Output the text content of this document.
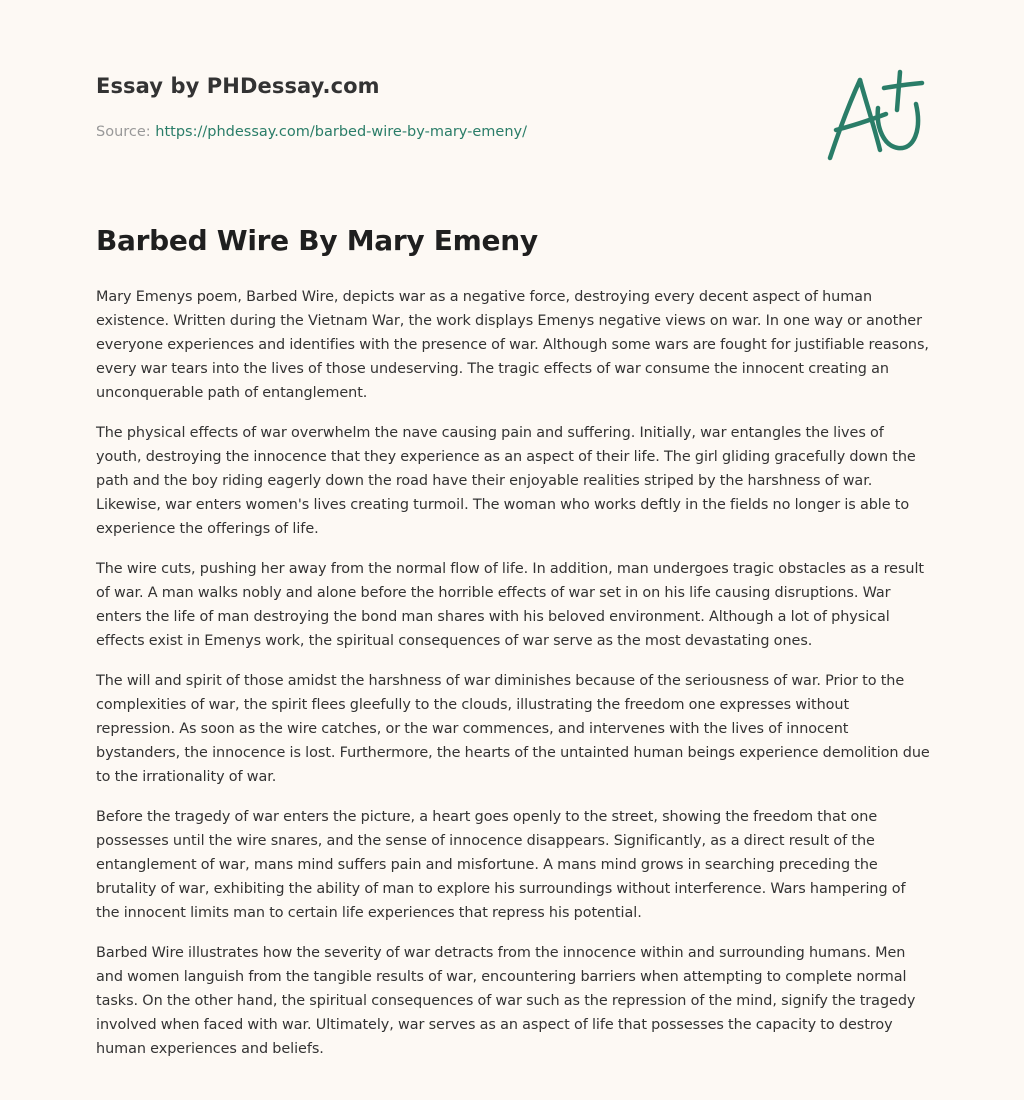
Essay by PHDessay.com
Source: https://phdessay.com/barbed-wire-by-mary-emeny/
Barbed Wire By Mary Emeny

Mary Emenys poem, Barbed Wire, depicts war as a negative force, destroying every decent aspect of human existence. Written during the Vietnam War, the work displays Emenys negative views on war. In one way or another everyone experiences and identifies with the presence of war. Although some wars are fought for justifiable reasons, every war tears into the lives of those undeserving. The tragic effects of war consume the innocent creating an unconquerable path of entanglement.

The physical effects of war overwhelm the nave causing pain and suffering. Initially, war entangles the lives of youth, destroying the innocence that they experience as an aspect of their life. The girl gliding gracefully down the path and the boy riding eagerly down the road have their enjoyable realities striped by the harshness of war. Likewise, war enters women's lives creating turmoil. The woman who works deftly in the fields no longer is able to experience the offerings of life.

The wire cuts, pushing her away from the normal flow of life. In addition, man undergoes tragic obstacles as a result of war. A man walks nobly and alone before the horrible effects of war set in on his life causing disruptions. War enters the life of man destroying the bond man shares with his beloved environment. Although a lot of physical effects exist in Emenys work, the spiritual consequences of war serve as the most devastating ones.

The will and spirit of those amidst the harshness of war diminishes because of the seriousness of war. Prior to the complexities of war, the spirit flees gleefully to the clouds, illustrating the freedom one expresses without repression. As soon as the wire catches, or the war commences, and intervenes with the lives of innocent bystanders, the innocence is lost. Furthermore, the hearts of the untainted human beings experience demolition due to the irrationality of war.

Before the tragedy of war enters the picture, a heart goes openly to the street, showing the freedom that one possesses until the wire snares, and the sense of innocence disappears. Significantly, as a direct result of the entanglement of war, mans mind suffers pain and misfortune. A mans mind grows in searching preceding the brutality of war, exhibiting the ability of man to explore his surroundings without interference. Wars hampering of the innocent limits man to certain life experiences that repress his potential.

Barbed Wire illustrates how the severity of war detracts from the innocence within and surrounding humans. Men and women languish from the tangible results of war, encountering barriers when attempting to complete normal tasks. On the other hand, the spiritual consequences of war such as the repression of the mind, signify the tragedy involved when faced with war. Ultimately, war serves as an aspect of life that possesses the capacity to destroy human experiences and beliefs.
